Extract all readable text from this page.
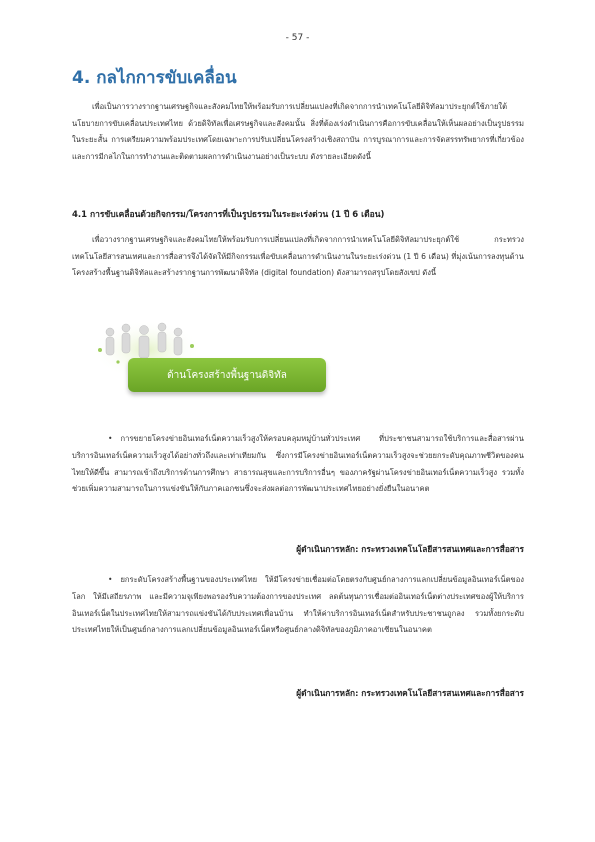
- 57 -
4. กลไกการขับเคลื่อน
เพื่อเป็นการวางรากฐานเศรษฐกิจและสังคมไทยให้พร้อมรับการเปลี่ยนแปลงที่เกิดจากการนำเทคโนโลยีดิจิทัลมาประยุกต์ใช้ภายใต้นโยบายการขับเคลื่อนประเทศไทย ด้วยดิจิทัลเพื่อเศรษฐกิจและสังคมนั้น สิ่งที่ต้องเร่งดำเนินการคือการขับเคลื่อนให้เห็นผลอย่างเป็นรูปธรรมในระยะสั้น การเตรียมความพร้อมประเทศโดยเฉพาะการปรับเปลี่ยนโครงสร้างเชิงสถาบัน การบูรณาการและการจัดสรรทรัพยากรที่เกี่ยวข้อง และการมีกลไกในการทำงานและติดตามผลการดำเนินงานอย่างเป็นระบบ ดังรายละเอียดดังนี้
4.1 การขับเคลื่อนด้วยกิจกรรม/โครงการที่เป็นรูปธรรมในระยะเร่งด่วน (1 ปี 6 เดือน)
เพื่อวางรากฐานเศรษฐกิจและสังคมไทยให้พร้อมรับการเปลี่ยนแปลงที่เกิดจากการนำเทคโนโลยีดิจิทัลมาประยุกต์ใช้ กระทรวงเทคโนโลยีสารสนเทศและการสื่อสารจึงได้จัดให้มีกิจกรรมเพื่อขับเคลื่อนการดำเนินงานในระยะเร่งด่วน (1 ปี 6 เดือน) ที่มุ่งเน้นการลงทุนด้านโครงสร้างพื้นฐานดิจิทัลและสร้างรากฐานการพัฒนาดิจิทัล (digital foundation) ดังสามารถสรุปโดยสังเขป ดังนี้
ด้านโครงสร้างพื้นฐานดิจิทัล
• การขยายโครงข่ายอินเทอร์เน็ตความเร็วสูงให้ครอบคลุมหมู่บ้านทั่วประเทศ ที่ประชาชนสามารถใช้บริการและสื่อสารผ่านบริการอินเทอร์เน็ตความเร็วสูงได้อย่างทั่วถึงและเท่าเทียมกัน ซึ่งการมีโครงข่ายอินเทอร์เน็ตความเร็วสูงจะช่วยยกระดับคุณภาพชีวิตของคนไทยให้ดีขึ้น สามารถเข้าถึงบริการด้านการศึกษา สาธารณสุขและการบริการอื่นๆ ของภาครัฐผ่านโครงข่ายอินเทอร์เน็ตความเร็วสูง รวมทั้งช่วยเพิ่มความสามารถในการแข่งขันให้กับภาคเอกชนซึ่งจะส่งผลต่อการพัฒนาประเทศไทยอย่างยั่งยืนในอนาคต
ผู้ดำเนินการหลัก: กระทรวงเทคโนโลยีสารสนเทศและการสื่อสาร
• ยกระดับโครงสร้างพื้นฐานของประเทศไทย ให้มีโครงข่ายเชื่อมต่อโดยตรงกับศูนย์กลางการแลกเปลี่ยนข้อมูลอินเทอร์เน็ตของโลก ให้มีเสถียรภาพ และมีความจุเพียงพอรองรับความต้องการของประเทศ ลดต้นทุนการเชื่อมต่ออินเทอร์เน็ตต่างประเทศของผู้ให้บริการอินเทอร์เน็ตในประเทศไทยให้สามารถแข่งขันได้กับประเทศเพื่อนบ้าน ทำให้ค่าบริการอินเทอร์เน็ตสำหรับประชาชนถูกลง รวมทั้งยกระดับประเทศไทยให้เป็นศูนย์กลางการแลกเปลี่ยนข้อมูลอินเทอร์เน็ตหรือศูนย์กลางดิจิทัลของภูมิภาคอาเซียนในอนาคต
ผู้ดำเนินการหลัก: กระทรวงเทคโนโลยีสารสนเทศและการสื่อสาร
